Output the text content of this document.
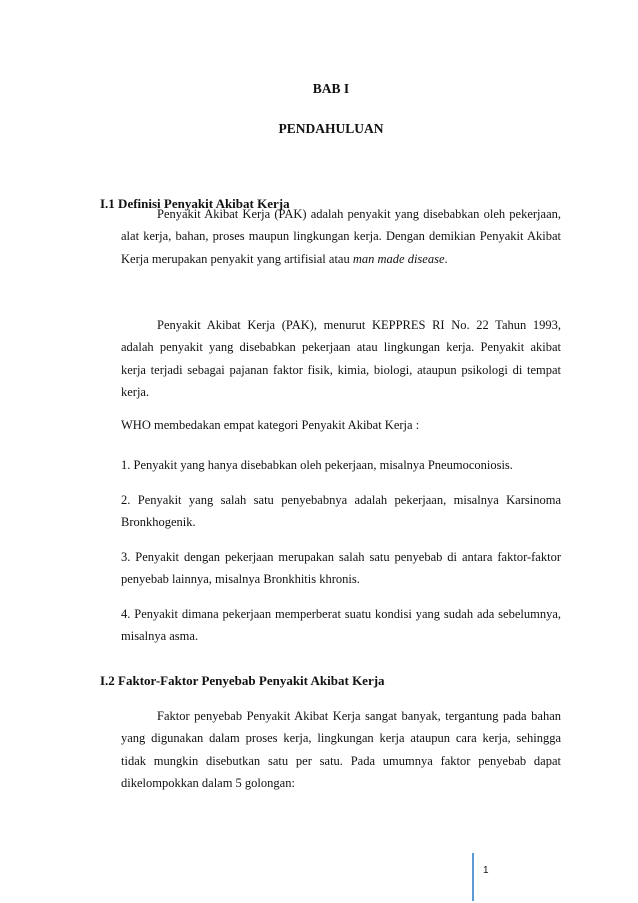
BAB I
PENDAHULUAN
I.1 Definisi Penyakit Akibat Kerja
Penyakit Akibat Kerja (PAK) adalah penyakit yang disebabkan oleh pekerjaan, alat kerja, bahan, proses maupun lingkungan kerja. Dengan demikian Penyakit Akibat Kerja merupakan penyakit yang artifisial atau man made disease.
Penyakit Akibat Kerja (PAK), menurut KEPPRES RI No. 22 Tahun 1993, adalah penyakit yang disebabkan pekerjaan atau lingkungan kerja. Penyakit akibat kerja terjadi sebagai pajanan faktor fisik, kimia, biologi, ataupun psikologi di tempat kerja.
WHO membedakan empat kategori Penyakit Akibat Kerja :
1. Penyakit yang hanya disebabkan oleh pekerjaan, misalnya Pneumoconiosis.
2. Penyakit yang salah satu penyebabnya adalah pekerjaan, misalnya Karsinoma Bronkhogenik.
3. Penyakit dengan pekerjaan merupakan salah satu penyebab di antara faktor-faktor penyebab lainnya, misalnya Bronkhitis khronis.
4. Penyakit dimana pekerjaan memperberat suatu kondisi yang sudah ada sebelumnya, misalnya asma.
I.2 Faktor-Faktor Penyebab Penyakit Akibat Kerja
Faktor penyebab Penyakit Akibat Kerja sangat banyak, tergantung pada bahan yang digunakan dalam proses kerja, lingkungan kerja ataupun cara kerja, sehingga tidak mungkin disebutkan satu per satu. Pada umumnya faktor penyebab dapat dikelompokkan dalam 5 golongan:
1
